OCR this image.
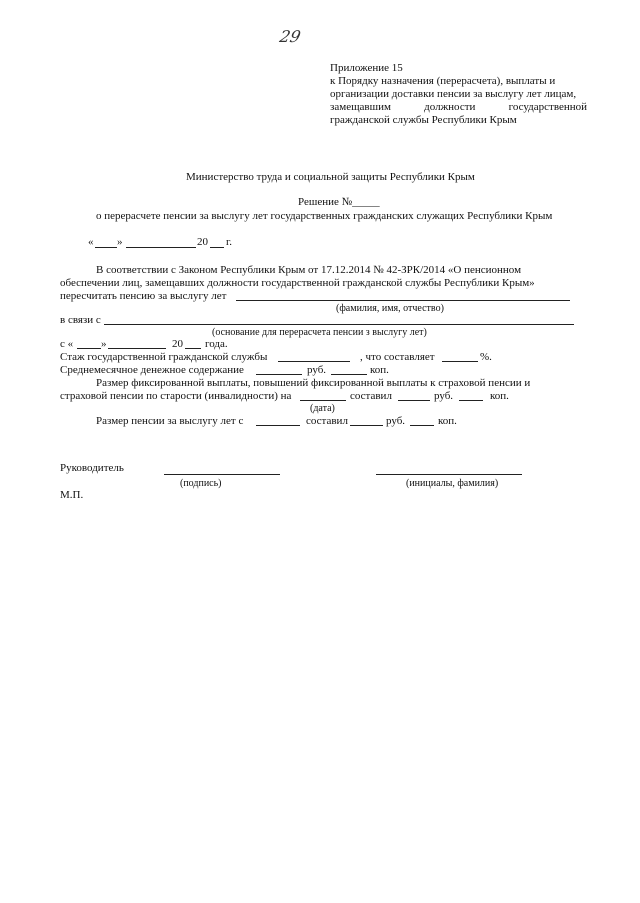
29
Приложение 15
к Порядку назначения (перерасчета), выплаты и
организации доставки пенсии за выслугу лет лицам,
замещавшим	должности	государственной
гражданской службы Республики Крым
Министерство труда и социальной защиты Республики Крым
Решение №_____
о перерасчете пенсии за выслугу лет государственных гражданских служащих Республики Крым
« »	20 г.
В соответствии с Законом Республики Крым от 17.12.2014 № 42-ЗРК/2014 «О пенсионном
обеспечении лиц, замещавших должности государственной гражданской службы Республики Крым»
пересчитать пенсию за выслугу лет
(фамилия, имя, отчество)
в связи с
(основание для перерасчета пенсии з выслугу лет)
с «	»	20 года.
Стаж государственной гражданской службы	, что составляет	%.
Среднемесячное денежное содержание	руб.	коп.
Размер фиксированной выплаты, повышений фиксированной выплаты к страховой пенсии и
страховой пенсии по старости (инвалидности) на	составил	руб.	коп.
(дата)
Размер пенсии за выслугу лет с	составил	руб.	коп.
Руководитель
(подпись)	(инициалы, фамилия)
М.П.
